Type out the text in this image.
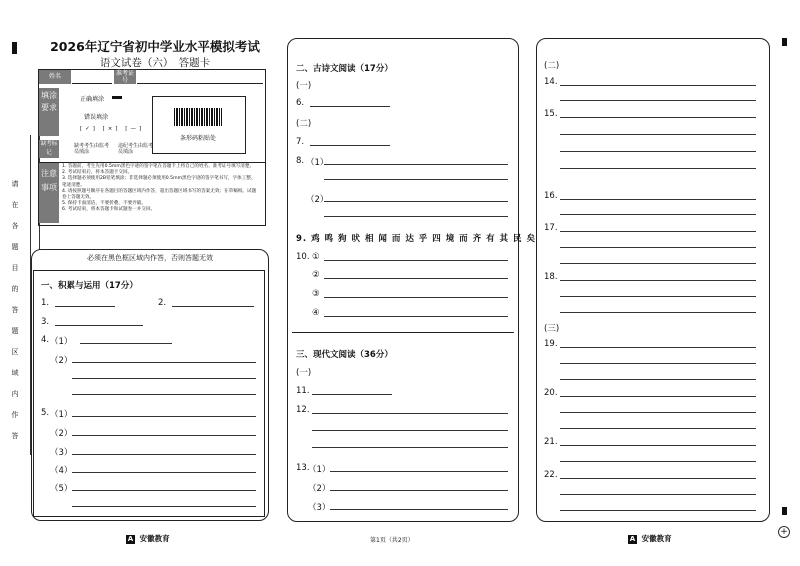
+
请在各题目的答题区域内作答
2026年辽宁省初中学业水平模拟考试
语文试卷（六）　答题卡
姓名	准考证号
填涂要求
正确填涂
错误填涂
[✓] [×] [—]
缺考标记
缺考考生由监考员填涂
违纪考生由监考员填涂
条形码粘贴处
注意事项
1. 答题前，考生先用0.5mm黑色字迹的签字笔在答题卡上将自己的姓名、准考证号填写清楚。
2. 考试结束后，将本答题卡交回。
3. 选择题必须使用2B铅笔填涂；非选择题必须使用0.5mm黑色字迹的签字笔书写，字体工整、笔迹清楚。
4. 请按照题号顺序在各题目的答题区域内作答，超出答题区域书写的答案无效；在草稿纸、试题卷上答题无效。
5. 保持卡面清洁，不要折叠、不要弄破。
6. 考试结束，将本答题卡和试题卷一并交回。
必须在黑色框区域内作答，否则答题无效
一、积累与运用（17分）
1.	2.
3.
4. （1）
（2）
5. （1）
（2）
（3）
（4）
（5）
二、古诗文阅读（17分）
(一)
6.
(二)
7.
8. （1）
（2）
9. 鸡 鸣 狗 吠 相 闻 而 达 乎 四 境 而 齐 有 其 民 矣
10. ①
②
③
④
三、现代文阅读（36分）
(一)
11.
12.
13.
（1）
（2）
（3）
(二)
14.
15.
16.
17.
18.
(三)
19.
20.
21.
22.
A 安徽教育	第1页（共2页）	A 安徽教育
